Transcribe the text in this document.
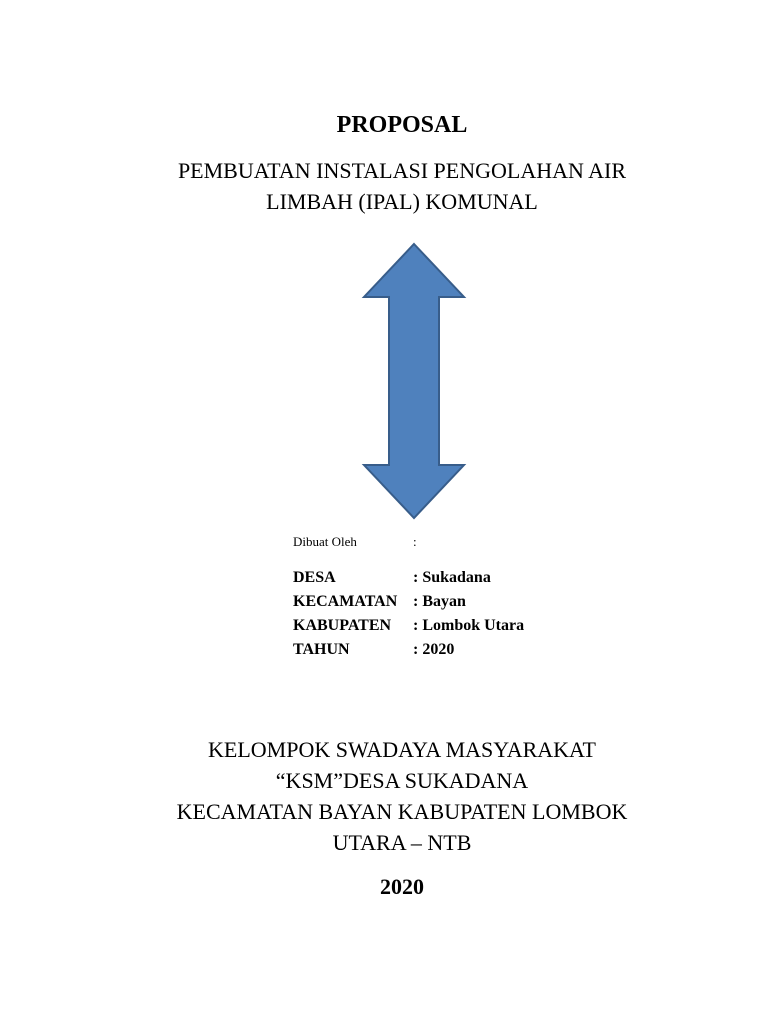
PROPOSAL
PEMBUATAN INSTALASI PENGOLAHAN AIR
LIMBAH (IPAL) KOMUNAL
Dibuat Oleh	:
DESA	: Sukadana
KECAMATAN : Bayan
KABUPATEN : Lombok Utara
TAHUN	: 2020
KELOMPOK SWADAYA MASYARAKAT
“KSM”DESA SUKADANA
KECAMATAN BAYAN KABUPATEN LOMBOK
UTARA – NTB
2020
